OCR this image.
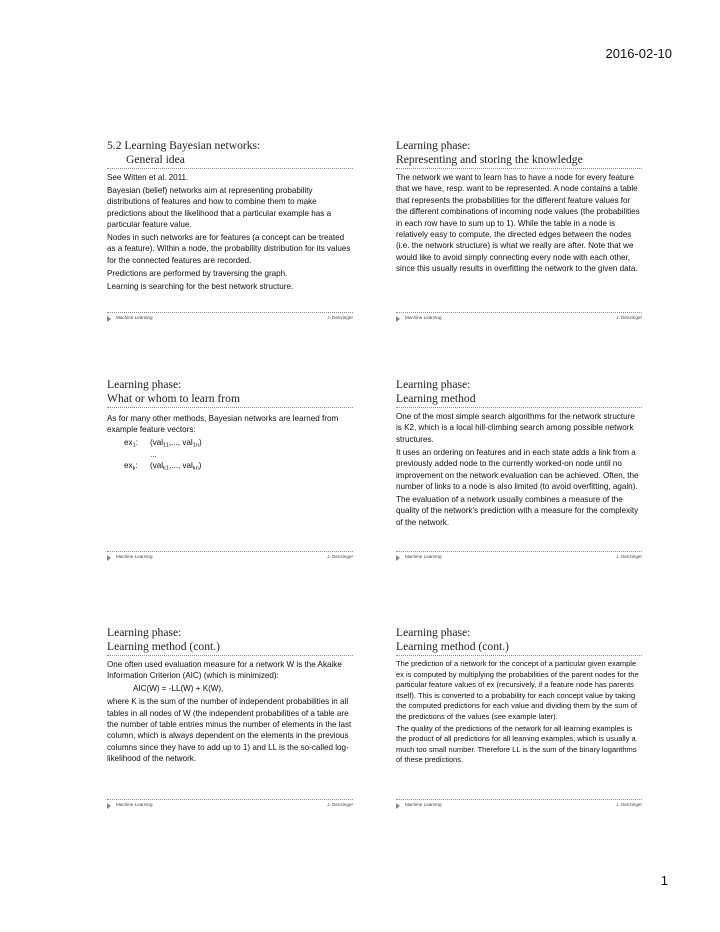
2016-02-10
5.2 Learning Bayesian networks:
General idea

See Witten et al. 2011.

Bayesian (belief) networks aim at representing probability distributions of features and how to combine them to make predictions about the likelihood that a particular example has a particular feature value.

Nodes in such networks are for features (a concept can be treated as a feature). Within a node, the probability distribution for its values for the connected features are recorded.

Predictions are performed by traversing the graph.

Learning is searching for the best network structure.

Machine Learning	J. Denzinger
Learning phase:
Representing and storing the knowledge

The network we want to learn has to have a node for every feature that we have, resp. want to be represented. A node contains a table that represents the probabilities for the different feature values for the different combinations of incoming node values (the probabilities in each row have to sum up to 1). While the table in a node is relatively easy to compute, the directed edges between the nodes (i.e. the network structure) is what we really are after. Note that we would like to avoid simply connecting every node with each other, since this usually results in overfitting the network to the given data.

Machine Learning	J. Denzinger
Learning phase:
What or whom to learn from

As for many other methods, Bayesian networks are learned from example feature vectors:

$ex_1$:	(val$_{11}$,..., val$_{1n}$)
...
$ex_k$:	(val$_{k1}$,..., val$_{kn}$)
Machine Learning	J. Denzinger
Learning phase:
Learning method

One of the most simple search algorithms for the network structure is K2, which is a local hill-climbing search among possible network structures.

It uses an ordering on features and in each state adds a link from a previously added node to the currently worked-on node until no improvement on the network evaluation can be achieved. Often, the number of links to a node is also limited (to avoid overfitting, again).

The evaluation of a network usually combines a measure of the quality of the network's prediction with a measure for the complexity of the network.

Machine Learning	J. Denzinger
Learning phase:
Learning method (cont.)

One often used evaluation measure for a network W is the Akaike Information Criterion (AIC) (which is minimized):

AIC(W) = -LL(W) + K(W),

where K is the sum of the number of independent probabilities in all tables in all nodes of W (the independent probabilities of a table are the number of table entries minus the number of elements in the last column, which is always dependent on the elements in the previous columns since they have to add up to 1) and LL is the so-called log-likelihood of the network.

Machine Learning	J. Denzinger
Learning phase:
Learning method (cont.)

The prediction of a network for the concept of a particular given example ex is computed by multiplying the probabilities of the parent nodes for the particular feature values of ex (recursively, if a feature node has parents itself). This is converted to a probability for each concept value by taking the computed predictions for each value and dividing them by the sum of the predictions of the values (see example later).

The quality of the predictions of the network for all learning examples is the product of all predictions for all learning examples, which is usually a much too small number. Therefore LL is the sum of the binary logarithms of these predictions.

Machine Learning	J. Denzinger
1
